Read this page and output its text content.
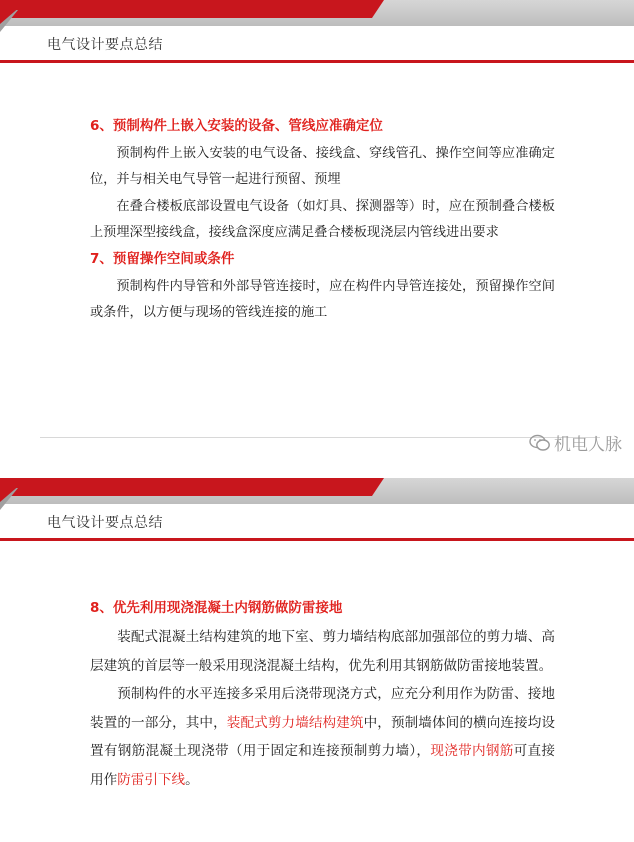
电气设计要点总结

6、预制构件上嵌入安装的设备、管线应准确定位

预制构件上嵌入安装的电气设备、接线盒、穿线管孔、操作空间等应准确定位，并与相关电气导管一起进行预留、预埋

在叠合楼板底部设置电气设备（如灯具、探测器等）时，应在预制叠合楼板上预埋深型接线盒，接线盒深度应满足叠合楼板现浇层内管线进出要求

7、预留操作空间或条件

预制构件内导管和外部导管连接时，应在构件内导管连接处，预留操作空间或条件，以方便与现场的管线连接的施工

机电人脉
电气设计要点总结

8、优先利用现浇混凝土内钢筋做防雷接地

装配式混凝土结构建筑的地下室、剪力墙结构底部加强部位的剪力墙、高层建筑的首层等一般采用现浇混凝土结构，优先利用其钢筋做防雷接地装置。

预制构件的水平连接多采用后浇带现浇方式，应充分利用作为防雷、接地装置的一部分，其中，装配式剪力墙结构建筑中，预制墙体间的横向连接均设置有钢筋混凝土现浇带（用于固定和连接预制剪力墙），现浇带内钢筋可直接用作防雷引下线。
